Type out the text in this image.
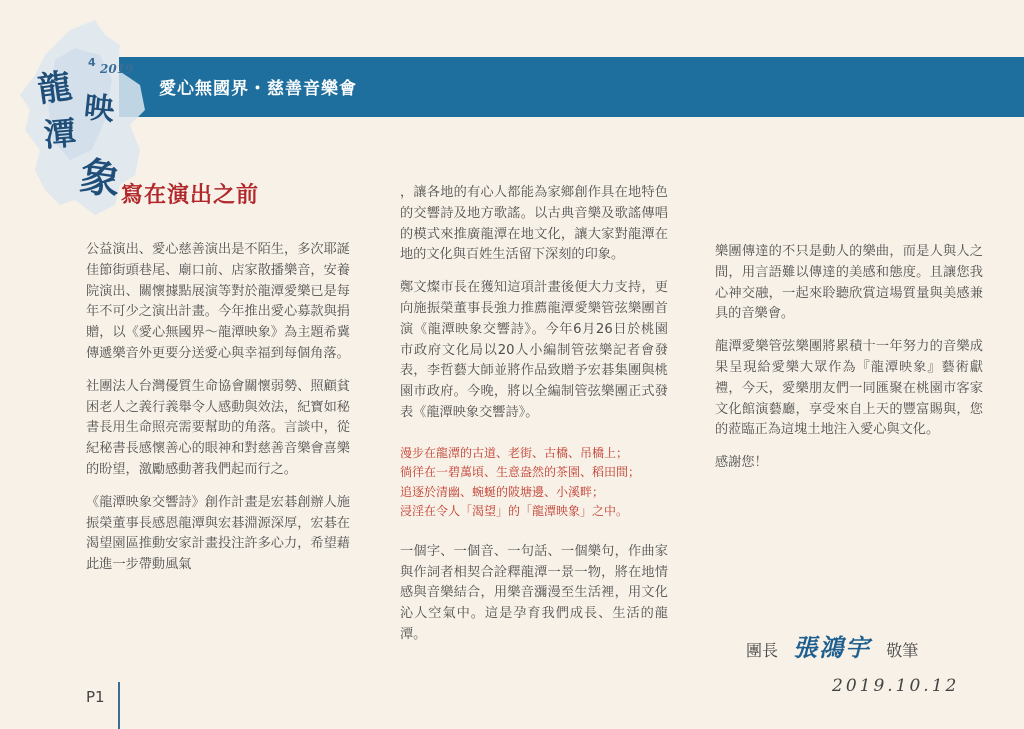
愛心無國界・慈善音樂會
龍 映
潭
象
4 2019
寫在演出之前

公益演出、愛心慈善演出是不陌生，多次耶誕佳節街頭巷尾、廟口前、店家散播樂音，安養院演出、關懷據點展演等對於龍潭愛樂已是每年不可少之演出計畫。今年推出愛心募款與捐贈，以《愛心無國界～龍潭映象》為主題希冀傳遞樂音外更要分送愛心與幸福到每個角落。

社團法人台灣優質生命協會關懷弱勢、照顧貧困老人之義行義舉令人感動與效法，紀寶如秘書長用生命照亮需要幫助的角落。言談中，從紀秘書長感懷善心的眼神和對慈善音樂會喜樂的盼望，激勵感動著我們起而行之。

《龍潭映象交響詩》創作計畫是宏碁創辦人施振榮董事長感恩龍潭與宏碁淵源深厚，宏碁在渴望園區推動安家計畫投注許多心力，希望藉此進一步帶動風氣

，讓各地的有心人都能為家鄉創作具在地特色的交響詩及地方歌謠。以古典音樂及歌謠傳唱的模式來推廣龍潭在地文化，讓大家對龍潭在地的文化與百姓生活留下深刻的印象。

鄭文燦市長在獲知這項計畫後便大力支持，更向施振榮董事長強力推薦龍潭愛樂管弦樂團首演《龍潭映象交響詩》。今年6月26日於桃園市政府文化局以20人小編制管弦樂記者會發表，李哲藝大師並將作品致贈予宏碁集團與桃園市政府。今晚，將以全編制管弦樂團正式發表《龍潭映象交響詩》。

漫步在龍潭的古道、老街、古橋、吊橋上；
徜徉在一碧萬頃、生意盎然的茶園、稻田間；
追逐於清幽、蜿蜒的陂塘邊、小溪畔；
浸淫在令人「渴望」的「龍潭映象」之中。

一個字、一個音、一句話、一個樂句，作曲家與作詞者相契合詮釋龍潭一景一物，將在地情感與音樂結合，用樂音瀰漫至生活裡，用文化沁人空氣中。這是孕育我們成長、生活的龍潭。

樂團傳達的不只是動人的樂曲，而是人與人之間，用言語難以傳達的美感和態度。且讓您我心神交融，一起來聆聽欣賞這場質量與美感兼具的音樂會。

龍潭愛樂管弦樂團將累積十一年努力的音樂成果呈現給愛樂大眾作為『龍潭映象』藝術獻禮，今天，愛樂朋友們一同匯聚在桃園市客家文化館演藝廳，享受來自上天的豐富賜與，您的蒞臨正為這塊土地注入愛心與文化。

感謝您！

團長 張鴻宇 敬筆
2019.10.12
P1
